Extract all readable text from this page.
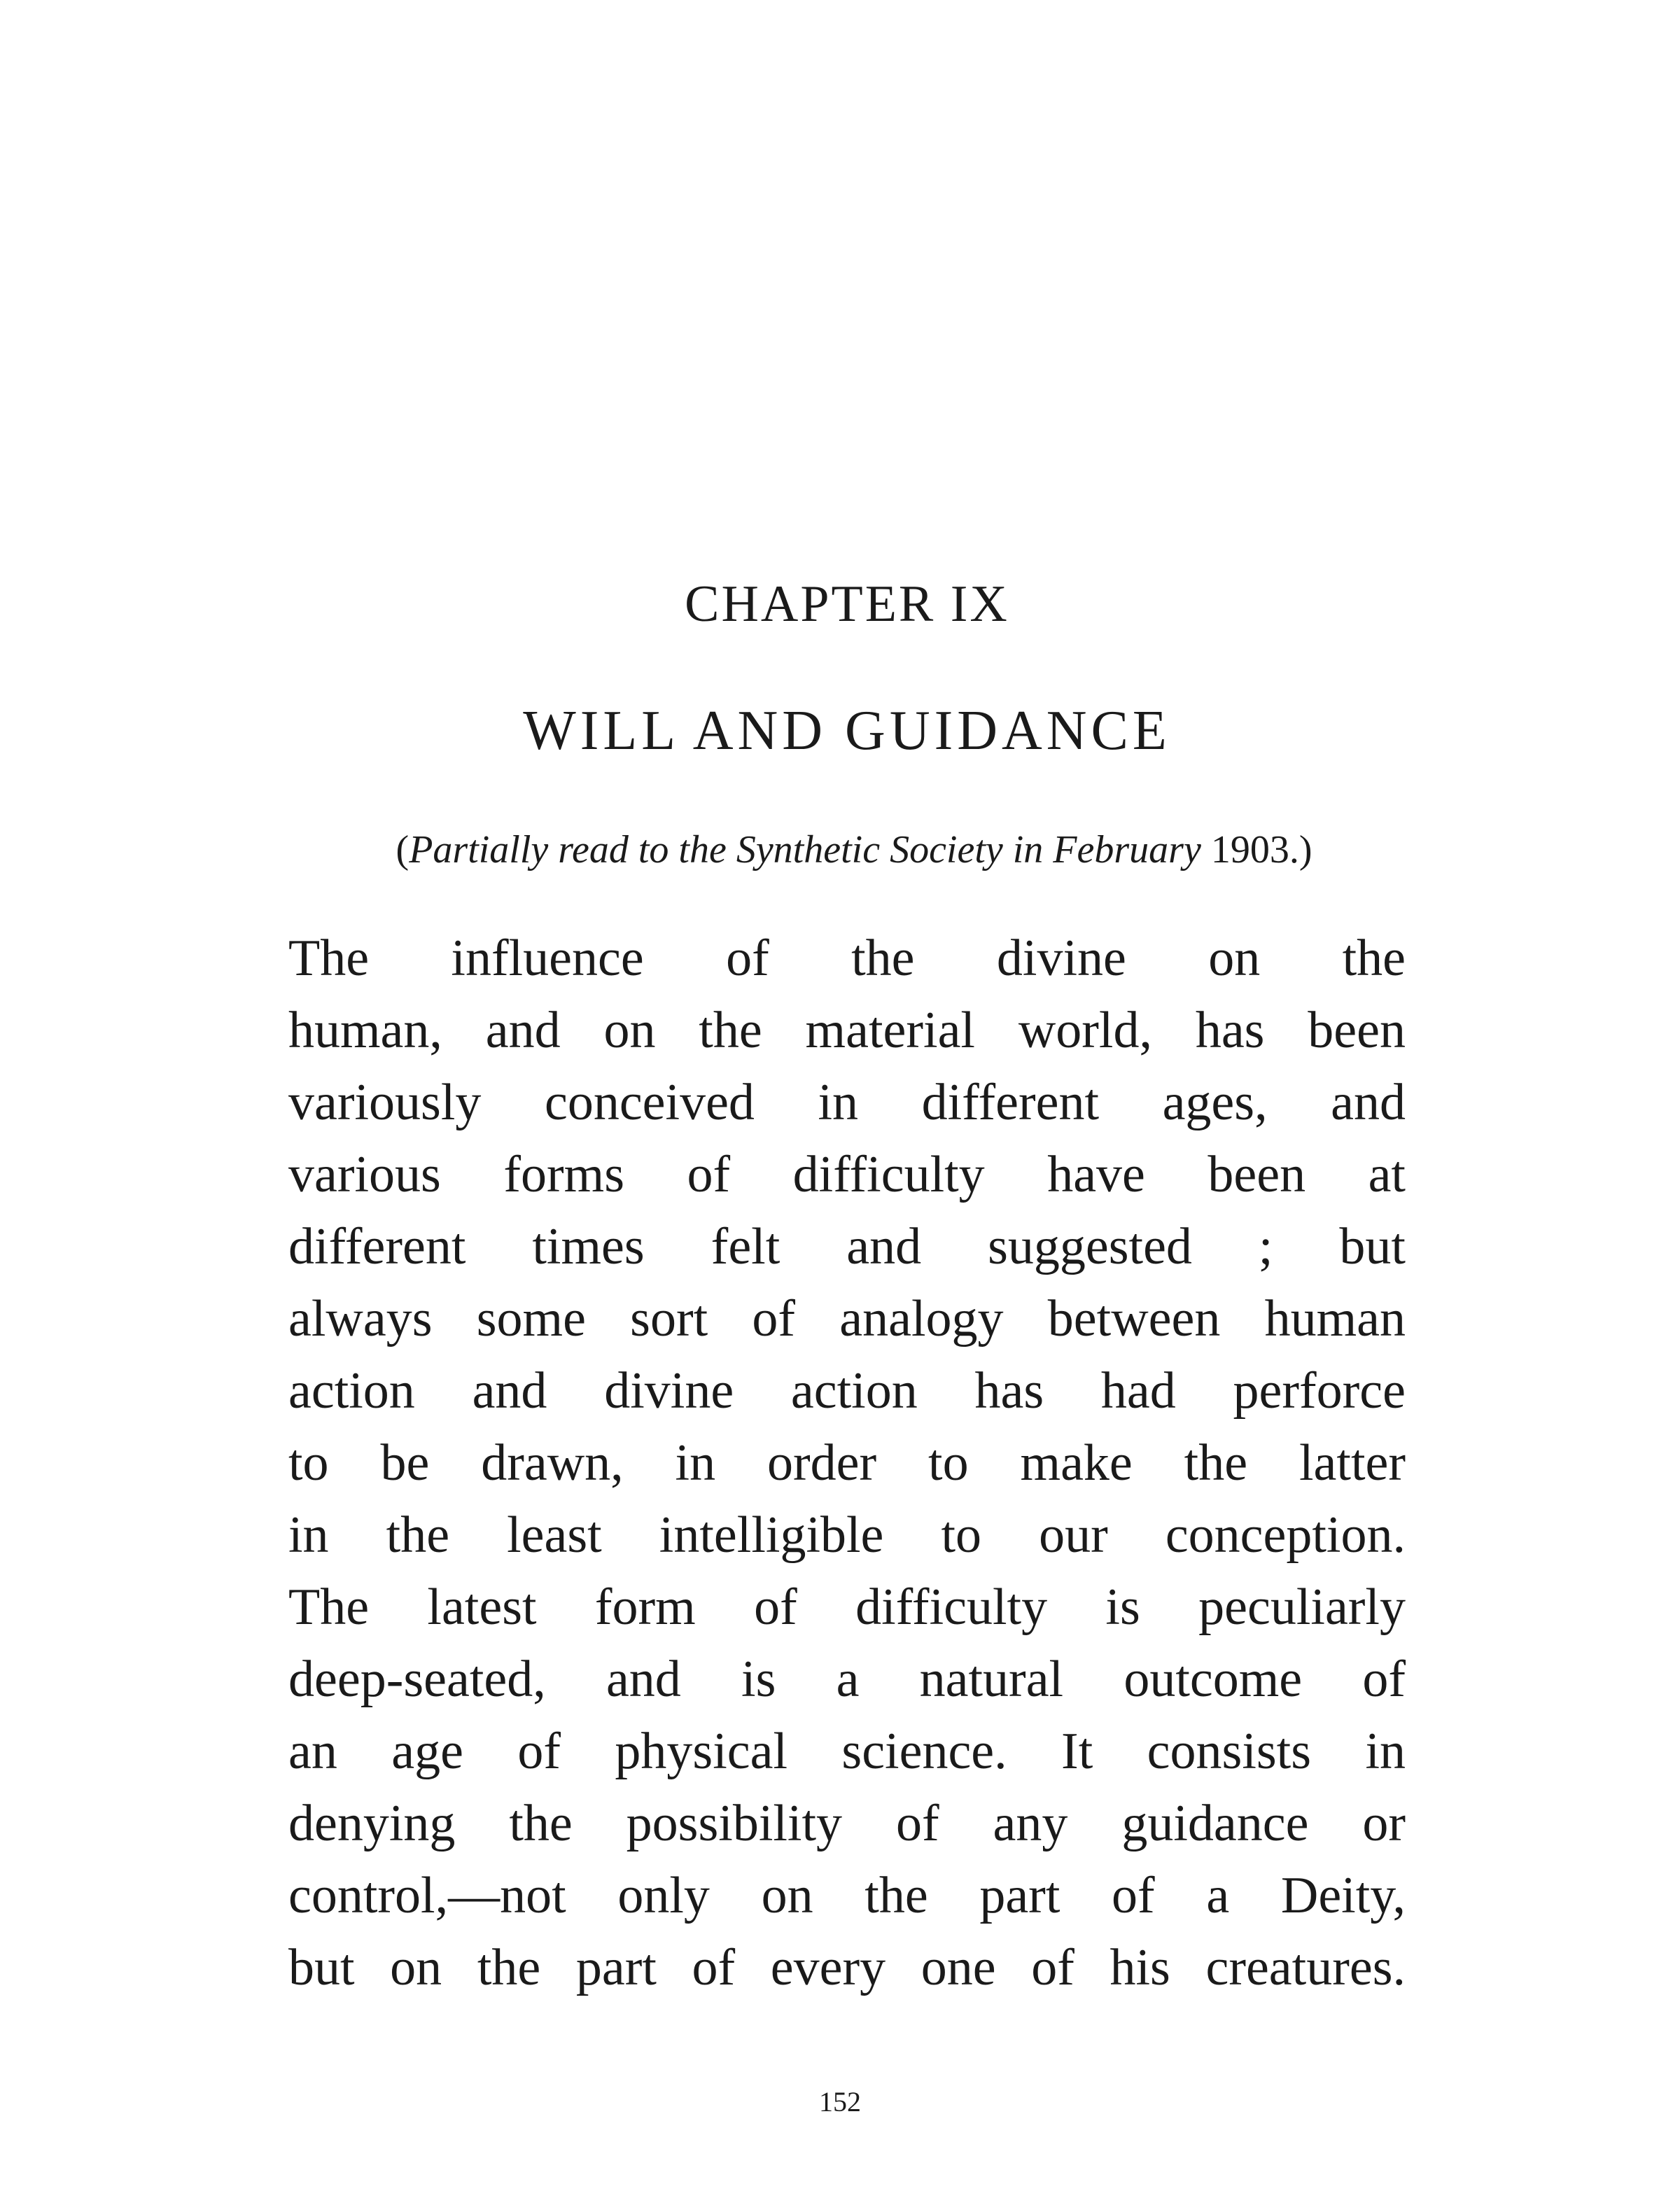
CHAPTER IX
WILL AND GUIDANCE
(Partially read to the Synthetic Society in February 1903.)
The influence of the divine on the
human, and on the material world, has been
variously conceived in different ages, and
various forms of difficulty have been at
different times felt and suggested ; but
always some sort of analogy between human
action and divine action has had perforce
to be drawn, in order to make the latter
in the least intelligible to our conception.
The latest form of difficulty is peculiarly
deep-seated, and is a natural outcome of
an age of physical science. It consists in
denying the possibility of any guidance or
control,—not only on the part of a Deity,
but on the part of every one of his creatures.
152
